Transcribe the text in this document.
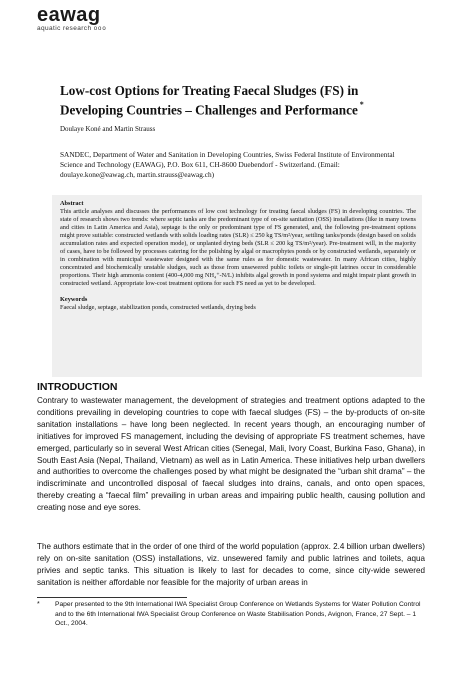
eawag
aquatic research ooo
Low-cost Options for Treating Faecal Sludges (FS) in Developing Countries – Challenges and Performance *
Doulaye Koné and Martin Strauss
SANDEC, Department of Water and Sanitation in Developing Countries, Swiss Federal Institute of Environmental Science and Technology (EAWAG), P.O. Box 611, CH-8600 Duebendorf - Switzerland. (Email: doulaye.kone@eawag.ch, martin.strauss@eawag.ch)
Abstract
This article analyses and discusses the performances of low cost technology for treating faecal sludges (FS) in developing countries. The state of research shows two trends: where septic tanks are the predominant type of on-site sanitation (OSS) installations (like in many towns and cities in Latin America and Asia), septage is the only or predominant type of FS generated, and, the following pre-treatment options might prove suitable: constructed wetlands with solids loading rates (SLR) ≤ 250 kg TS/m²/year, settling tanks/ponds (design based on solids accumulation rates and expected operation mode), or unplanted drying beds (SLR ≤ 200 kg TS/m²/year). Pre-treatment will, in the majority of cases, have to be followed by processes catering for the polishing by algal or macrophytes ponds or by constructed wetlands, separately or in combination with municipal wastewater designed with the same rules as for domestic wastewater. In many African cities, highly concentrated and biochemically unstable sludges, such as those from unsewered public toilets or single-pit latrines occur in considerable proportions. Their high ammonia content (400-4,000 mg NH₄⁺-N/L) inhibits algal growth in pond systems and might impair plant growth in constructed wetland. Appropriate low-cost treatment options for such FS need as yet to be developed.
Keywords
Faecal sludge, septage, stabilization ponds, constructed wetlands, drying beds
INTRODUCTION
Contrary to wastewater management, the development of strategies and treatment options adapted to the conditions prevailing in developing countries to cope with faecal sludges (FS) – the by-products of on-site sanitation installations – have long been neglected. In recent years though, an encouraging number of initiatives for improved FS management, including the devising of appropriate FS treatment schemes, have emerged, particularly so in several West African cities (Senegal, Mali, Ivory Coast, Burkina Faso, Ghana), in South East Asia (Nepal, Thailand, Vietnam) as well as in Latin America. These initiatives help urban dwellers and authorities to overcome the challenges posed by what might be designated the “urban shit drama” – the indiscriminate and uncontrolled disposal of faecal sludges into drains, canals, and onto open spaces, thereby creating a “faecal film” prevailing in urban areas and impairing public health, causing pollution and creating nose and eye sores.
The authors estimate that in the order of one third of the world population (approx. 2.4 billion urban dwellers) rely on on-site sanitation (OSS) installations, viz. unsewered family and public latrines and toilets, aqua privies and septic tanks. This situation is likely to last for decades to come, since city-wide sewered sanitation is neither affordable nor feasible for the majority of urban areas in
* Paper presented to the 9th International IWA Specialist Group Conference on Wetlands Systems for Water Pollution Control and to the 6th International IWA Specialist Group Conference on Waste Stabilisation Ponds, Avignon, France, 27 Sept. – 1 Oct., 2004.
